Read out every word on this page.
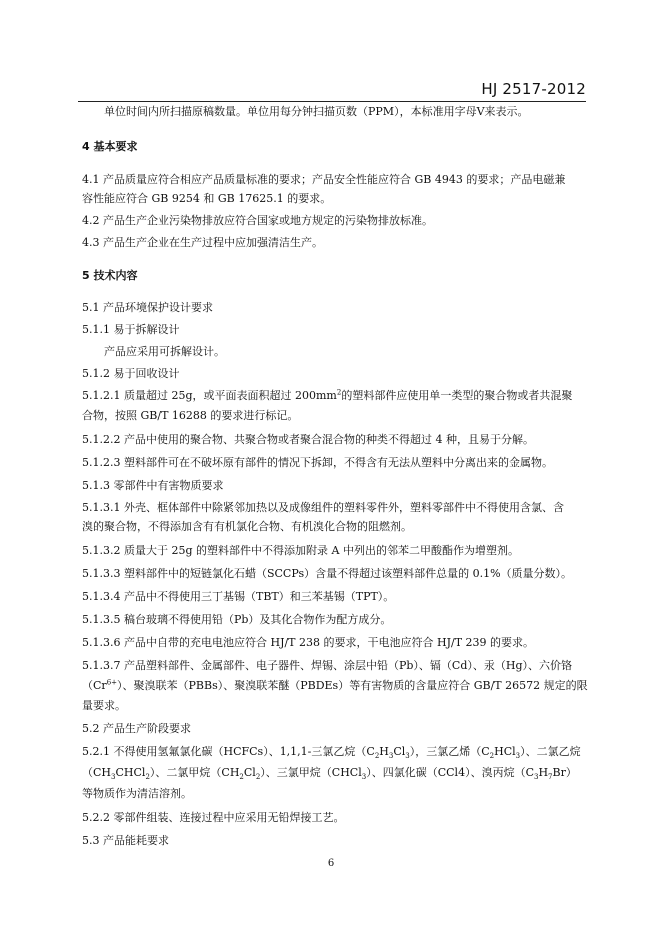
HJ 2517-2012
单位时间内所扫描原稿数量。单位用每分钟扫描页数（PPM），本标准用字母V来表示。
4 基本要求
4.1 产品质量应符合相应产品质量标准的要求；产品安全性能应符合 GB 4943 的要求；产品电磁兼
容性能应符合 GB 9254 和 GB 17625.1 的要求。
4.2 产品生产企业污染物排放应符合国家或地方规定的污染物排放标准。
4.3 产品生产企业在生产过程中应加强清洁生产。
5 技术内容
5.1 产品环境保护设计要求
5.1.1 易于拆解设计
产品应采用可拆解设计。
5.1.2 易于回收设计
5.1.2.1 质量超过 25g，或平面表面积超过 $200mm^2$的塑料部件应使用单一类型的聚合物或者共混聚
合物，按照 GB/T 16288 的要求进行标记。
5.1.2.2 产品中使用的聚合物、共聚合物或者聚合混合物的种类不得超过 4 种，且易于分解。
5.1.2.3 塑料部件可在不破坏原有部件的情况下拆卸，不得含有无法从塑料中分离出来的金属物。
5.1.3 零部件中有害物质要求
5.1.3.1 外壳、框体部件中除紧邻加热以及成像组件的塑料零件外，塑料零部件中不得使用含氯、含
溴的聚合物，不得添加含有有机氯化合物、有机溴化合物的阻燃剂。
5.1.3.2 质量大于 25g 的塑料部件中不得添加附录 A 中列出的邻苯二甲酸酯作为增塑剂。
5.1.3.3 塑料部件中的短链氯化石蜡（SCCPs）含量不得超过该塑料部件总量的 0.1%（质量分数）。
5.1.3.4 产品中不得使用三丁基锡（TBT）和三苯基锡（TPT）。
5.1.3.5 稿台玻璃不得使用铅（Pb）及其化合物作为配方成分。
5.1.3.6 产品中自带的充电电池应符合 HJ/T 238 的要求，干电池应符合 HJ/T 239 的要求。
5.1.3.7 产品塑料部件、金属部件、电子器件、焊锡、涂层中铅（Pb）、镉（Cd）、汞（Hg）、六价铬
$(Cr^{6+})$、聚溴联苯（PBBs）、聚溴联苯醚（PBDEs）等有害物质的含量应符合 GB/T 26572 规定的限
量要求。
5.2 产品生产阶段要求
5.2.1 不得使用氢氟氯化碳（HCFCs）、1,1,1-三氯乙烷$(C_2H_3Cl_3)$，三氯乙烯$(C_2HCl_3)$、二氯乙烷
$(CH_3CHCl_2)$、二氯甲烷$(CH_2Cl_2)$、三氯甲烷（CHCl$_3$）、四氯化碳（CCl4）、溴丙烷$(C_3H_7Br)$
等物质作为清洁溶剂。
5.2.2 零部件组装、连接过程中应采用无铅焊接工艺。
5.3 产品能耗要求
6
